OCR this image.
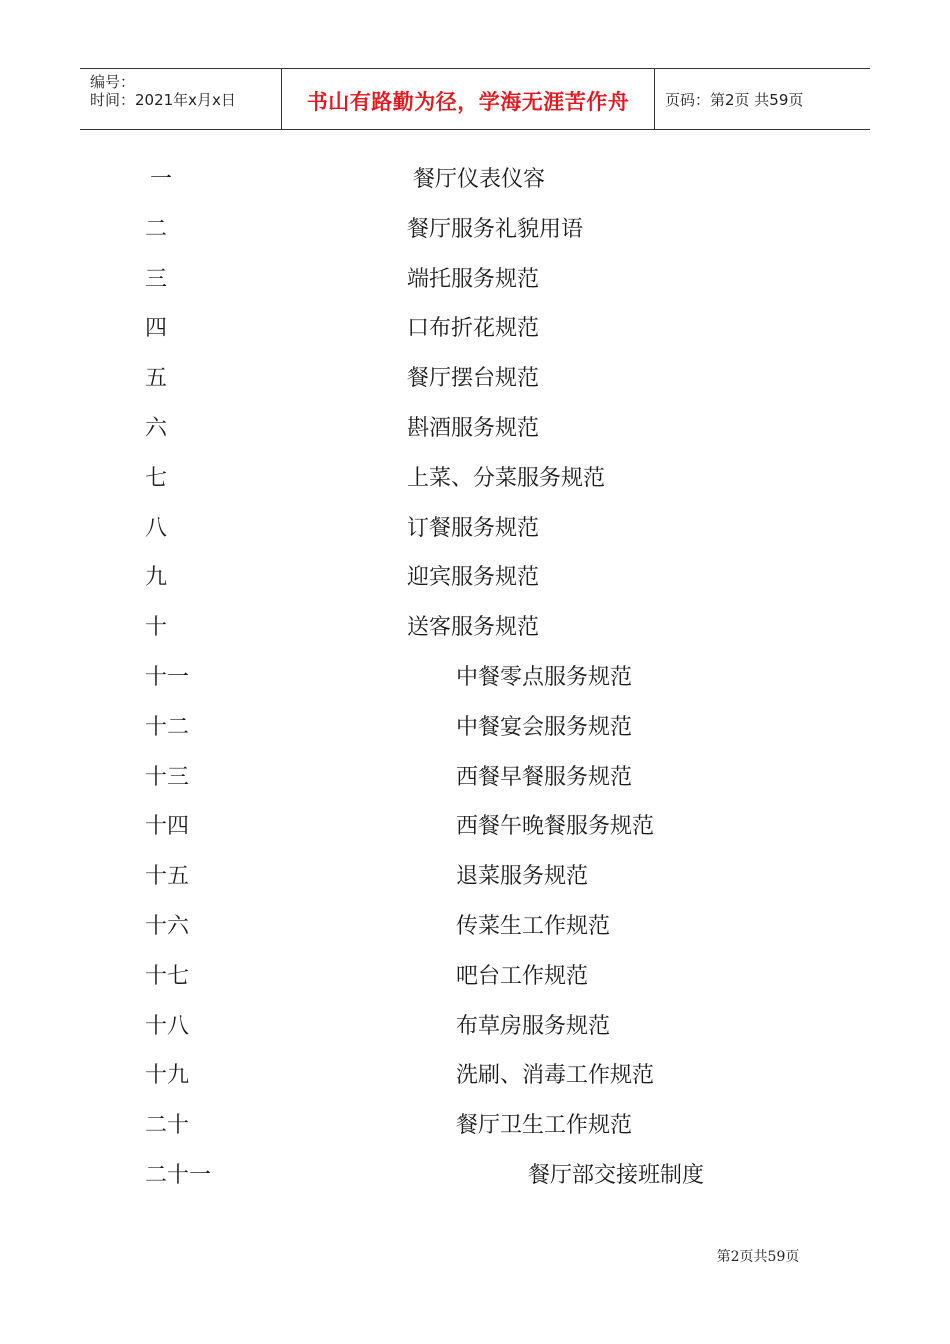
编号：
时间：2021年x月x日	书山有路勤为径，学海无涯苦作舟	页码：第2页 共59页
一	餐厅仪表仪容
二	餐厅服务礼貌用语
三	端托服务规范
四	口布折花规范
五	餐厅摆台规范
六	斟酒服务规范
七	上菜、分菜服务规范
八	订餐服务规范
九	迎宾服务规范
十	送客服务规范
十一	中餐零点服务规范
十二	中餐宴会服务规范
十三	西餐早餐服务规范
十四	西餐午晚餐服务规范
十五	退菜服务规范
十六	传菜生工作规范
十七	吧台工作规范
十八	布草房服务规范
十九	洗刷、消毒工作规范
二十	餐厅卫生工作规范
二十一	餐厅部交接班制度
第2页共59页
